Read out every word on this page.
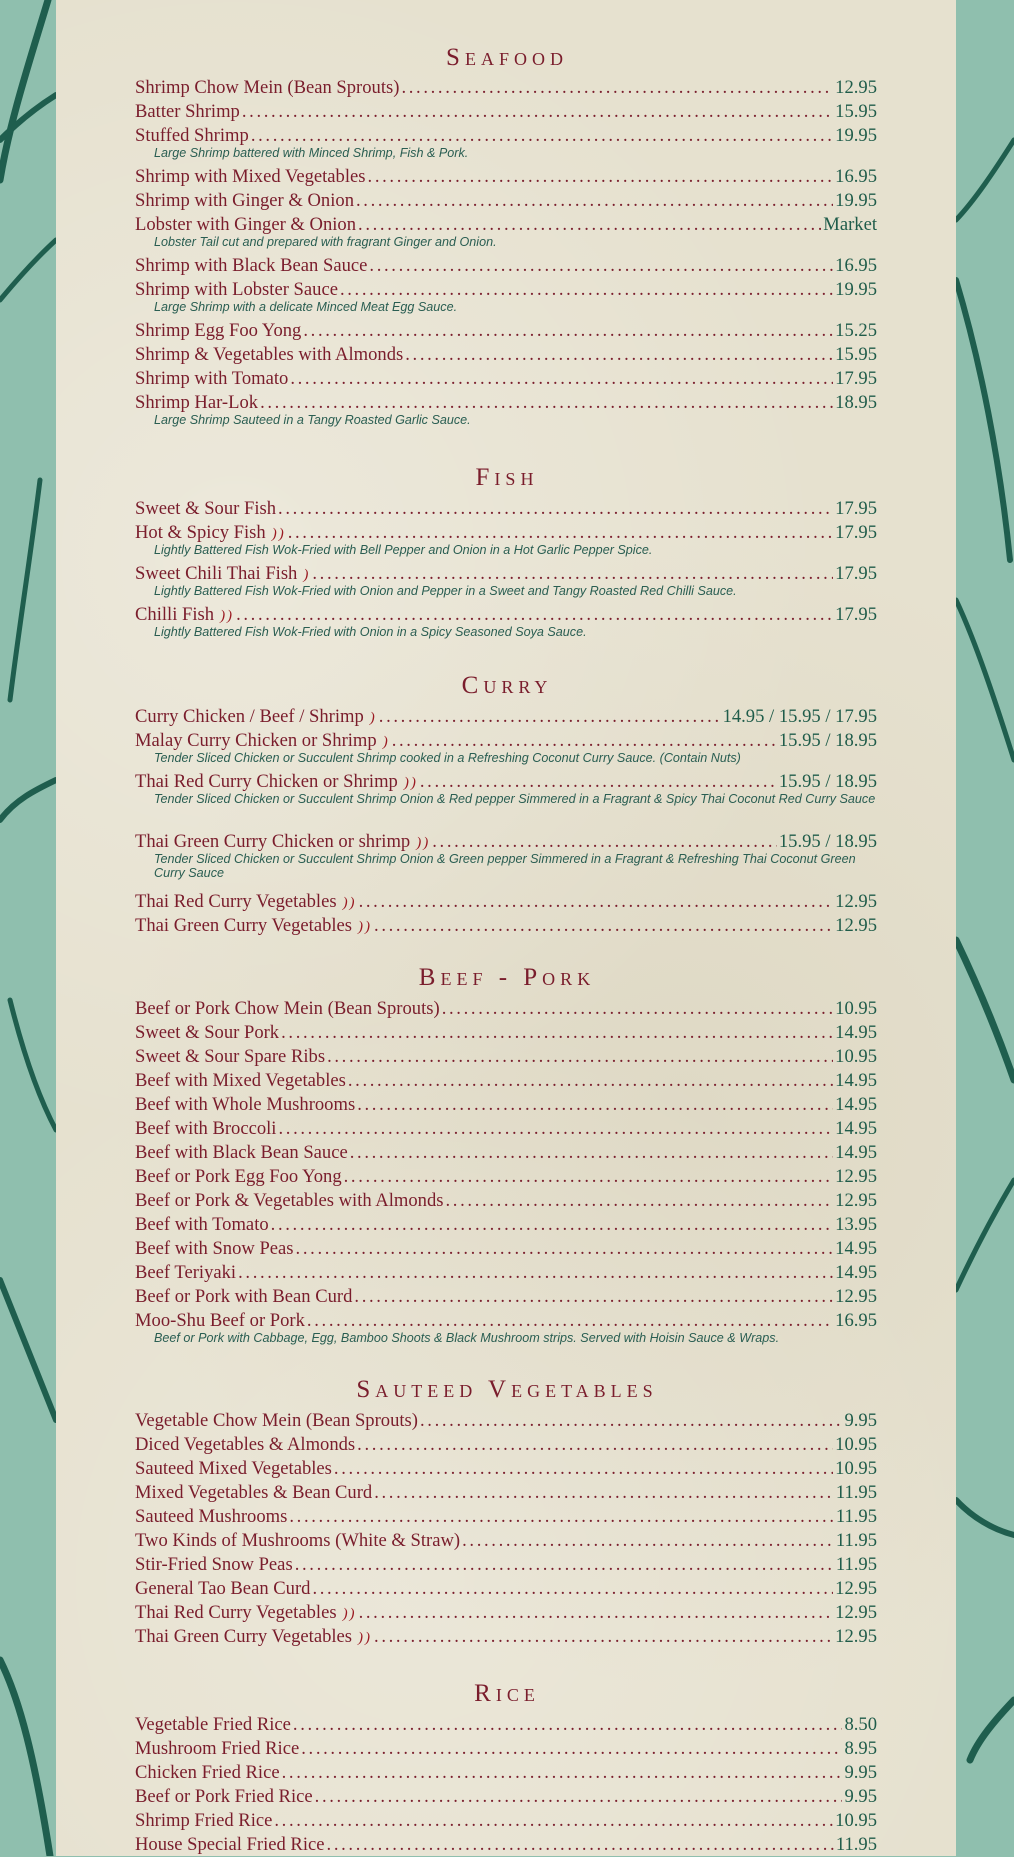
Seafood
Shrimp Chow Mein (Bean Sprouts) . . .	12.95
Batter Shrimp . . .	15.95
Stuffed Shrimp . . .	19.95
Large Shrimp battered with Minced Shrimp, Fish & Pork.
Shrimp with Mixed Vegetables . . .	16.95
Shrimp with Ginger & Onion . . .	19.95
Lobster with Ginger & Onion . . .	Market
Lobster Tail cut and prepared with fragrant Ginger and Onion.
Shrimp with Black Bean Sauce . . .	16.95
Shrimp with Lobster Sauce . . .	19.95
Large Shrimp with a delicate Minced Meat Egg Sauce.
Shrimp Egg Foo Yong . . .	15.25
Shrimp & Vegetables with Almonds . . .	15.95
Shrimp with Tomato . . .	17.95
Shrimp Har-Lok . . .	18.95
Large Shrimp Sauteed in a Tangy Roasted Garlic Sauce.
Fish
Sweet & Sour Fish . . .	17.95
Hot & Spicy Fish )) . . .	17.95
Lightly Battered Fish Wok-Fried with Bell Pepper and Onion in a Hot Garlic Pepper Spice.
Sweet Chili Thai Fish ) . . .	17.95
Lightly Battered Fish Wok-Fried with Onion and Pepper in a Sweet and Tangy Roasted Red Chilli Sauce.
Chilli Fish )) . . .	17.95
Lightly Battered Fish Wok-Fried with Onion in a Spicy Seasoned Soya Sauce.
Curry
Curry Chicken / Beef / Shrimp ) . . .	14.95 / 15.95 / 17.95
Malay Curry Chicken or Shrimp ) . . .	15.95 / 18.95
Tender Sliced Chicken or Succulent Shrimp cooked in a Refreshing Coconut Curry Sauce. (Contain Nuts)
Thai Red Curry Chicken or Shrimp )) . . .	15.95 / 18.95
Tender Sliced Chicken or Succulent Shrimp Onion & Red pepper Simmered in a Fragrant & Spicy Thai Coconut Red Curry Sauce
Thai Green Curry Chicken or shrimp )) . . .	15.95 / 18.95
Tender Sliced Chicken or Succulent Shrimp Onion & Green pepper Simmered in a Fragrant & Refreshing Thai Coconut Green Curry Sauce
Thai Red Curry Vegetables )) . . .	12.95
Thai Green Curry Vegetables )) . . .	12.95
Beef - Pork
Beef or Pork Chow Mein (Bean Sprouts) . . .	10.95
Sweet & Sour Pork . . .	14.95
Sweet & Sour Spare Ribs . . .	10.95
Beef with Mixed Vegetables . . .	14.95
Beef with Whole Mushrooms . . .	14.95
Beef with Broccoli . . .	14.95
Beef with Black Bean Sauce . . .	14.95
Beef or Pork Egg Foo Yong . . .	12.95
Beef or Pork & Vegetables with Almonds . . .	12.95
Beef with Tomato . . .	13.95
Beef with Snow Peas . . .	14.95
Beef Teriyaki . . .	14.95
Beef or Pork with Bean Curd . . .	12.95
Moo-Shu Beef or Pork . . .	16.95
Beef or Pork with Cabbage, Egg, Bamboo Shoots & Black Mushroom strips. Served with Hoisin Sauce & Wraps.
Sauteed Vegetables
Vegetable Chow Mein (Bean Sprouts) . . .	9.95
Diced Vegetables & Almonds . . .	10.95
Sauteed Mixed Vegetables . . .	10.95
Mixed Vegetables & Bean Curd . . .	11.95
Sauteed Mushrooms . . .	11.95
Two Kinds of Mushrooms (White & Straw) . . .	11.95
Stir-Fried Snow Peas . . .	11.95
General Tao Bean Curd . . .	12.95
Thai Red Curry Vegetables )) . . .	12.95
Thai Green Curry Vegetables )) . . .	12.95
Rice
Vegetable Fried Rice . . .	8.50
Mushroom Fried Rice . . .	8.95
Chicken Fried Rice . . .	9.95
Beef or Pork Fried Rice . . .	9.95
Shrimp Fried Rice . . .	10.95
House Special Fried Rice . . .	11.95
